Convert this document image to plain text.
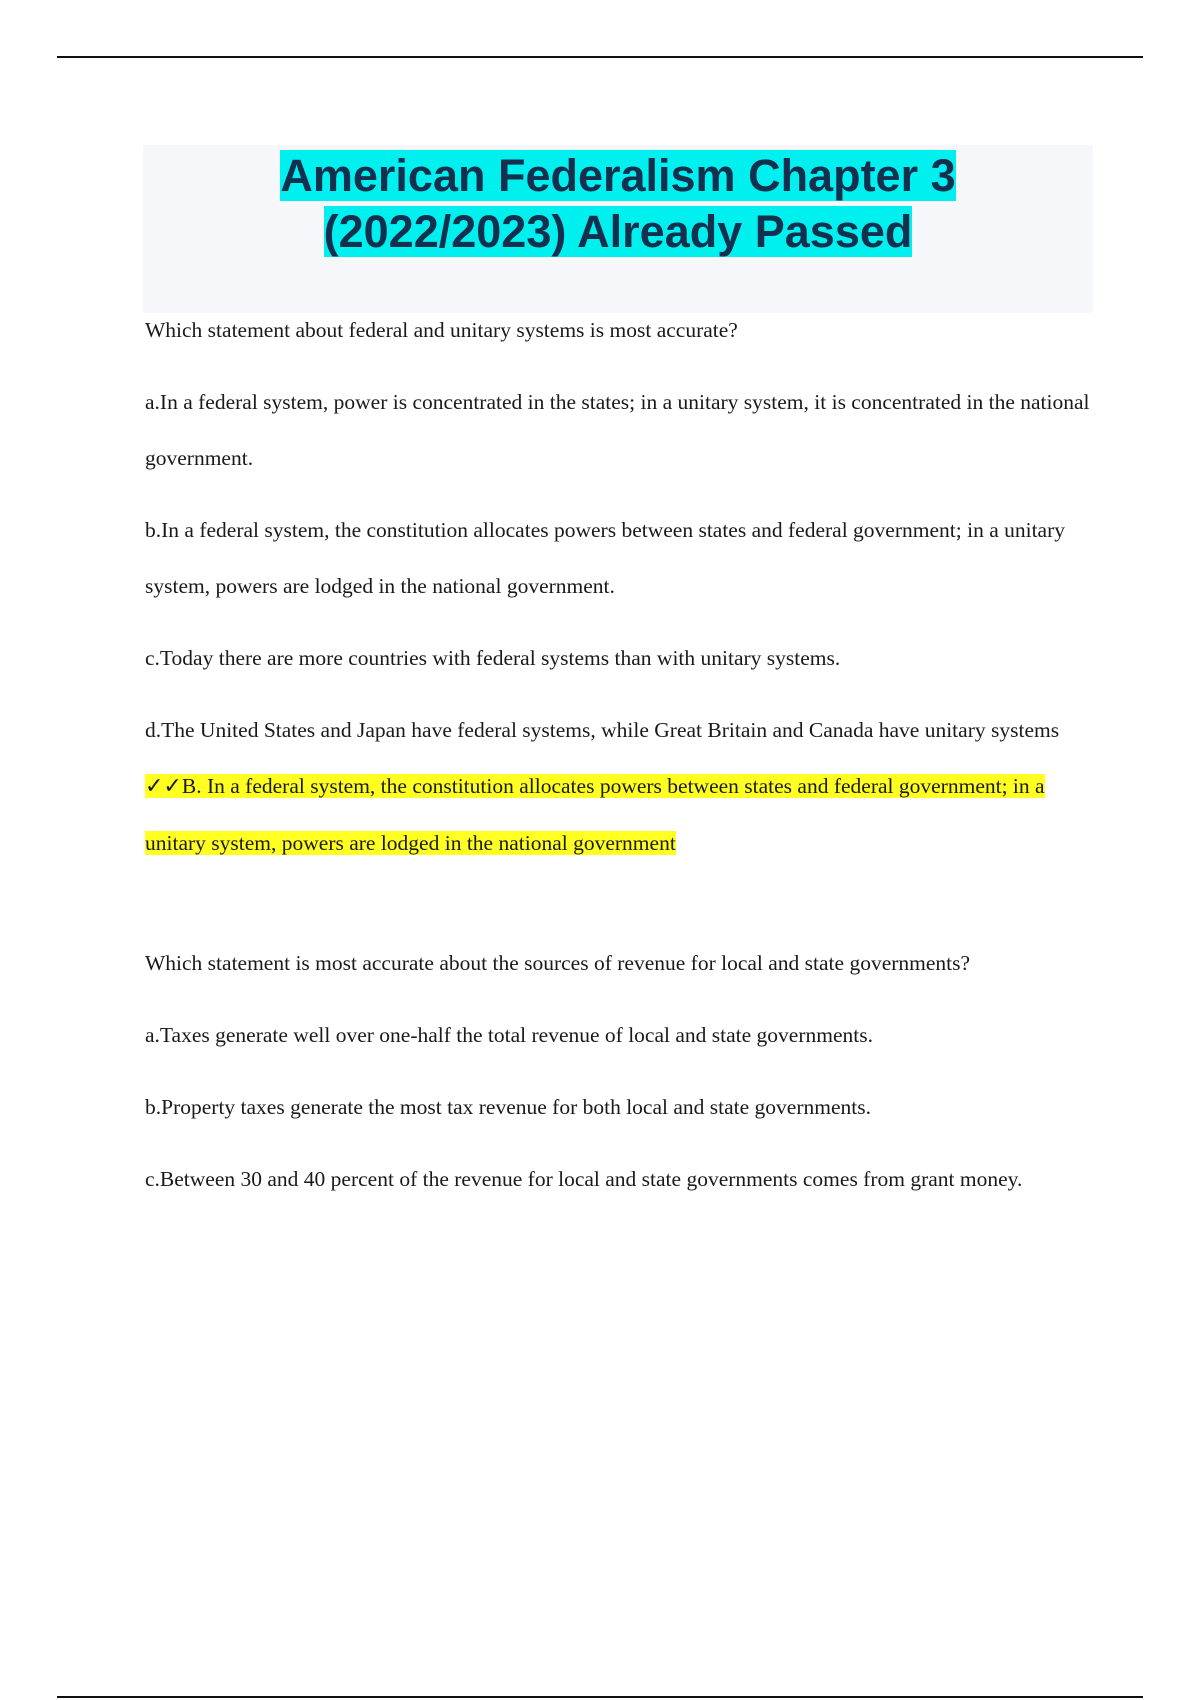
American Federalism Chapter 3
(2022/2023) Already Passed

Which statement about federal and unitary systems is most accurate?

a.In a federal system, power is concentrated in the states; in a unitary system, it is concentrated in the national government.

b.In a federal system, the constitution allocates powers between states and federal government; in a unitary system, powers are lodged in the national government.

c.Today there are more countries with federal systems than with unitary systems.

d.The United States and Japan have federal systems, while Great Britain and Canada have unitary systems ✓✓B. In a federal system, the constitution allocates powers between states and federal government; in a unitary system, powers are lodged in the national government

Which statement is most accurate about the sources of revenue for local and state governments?

a.Taxes generate well over one-half the total revenue of local and state governments.

b.Property taxes generate the most tax revenue for both local and state governments.

c.Between 30 and 40 percent of the revenue for local and state governments comes from grant money.
